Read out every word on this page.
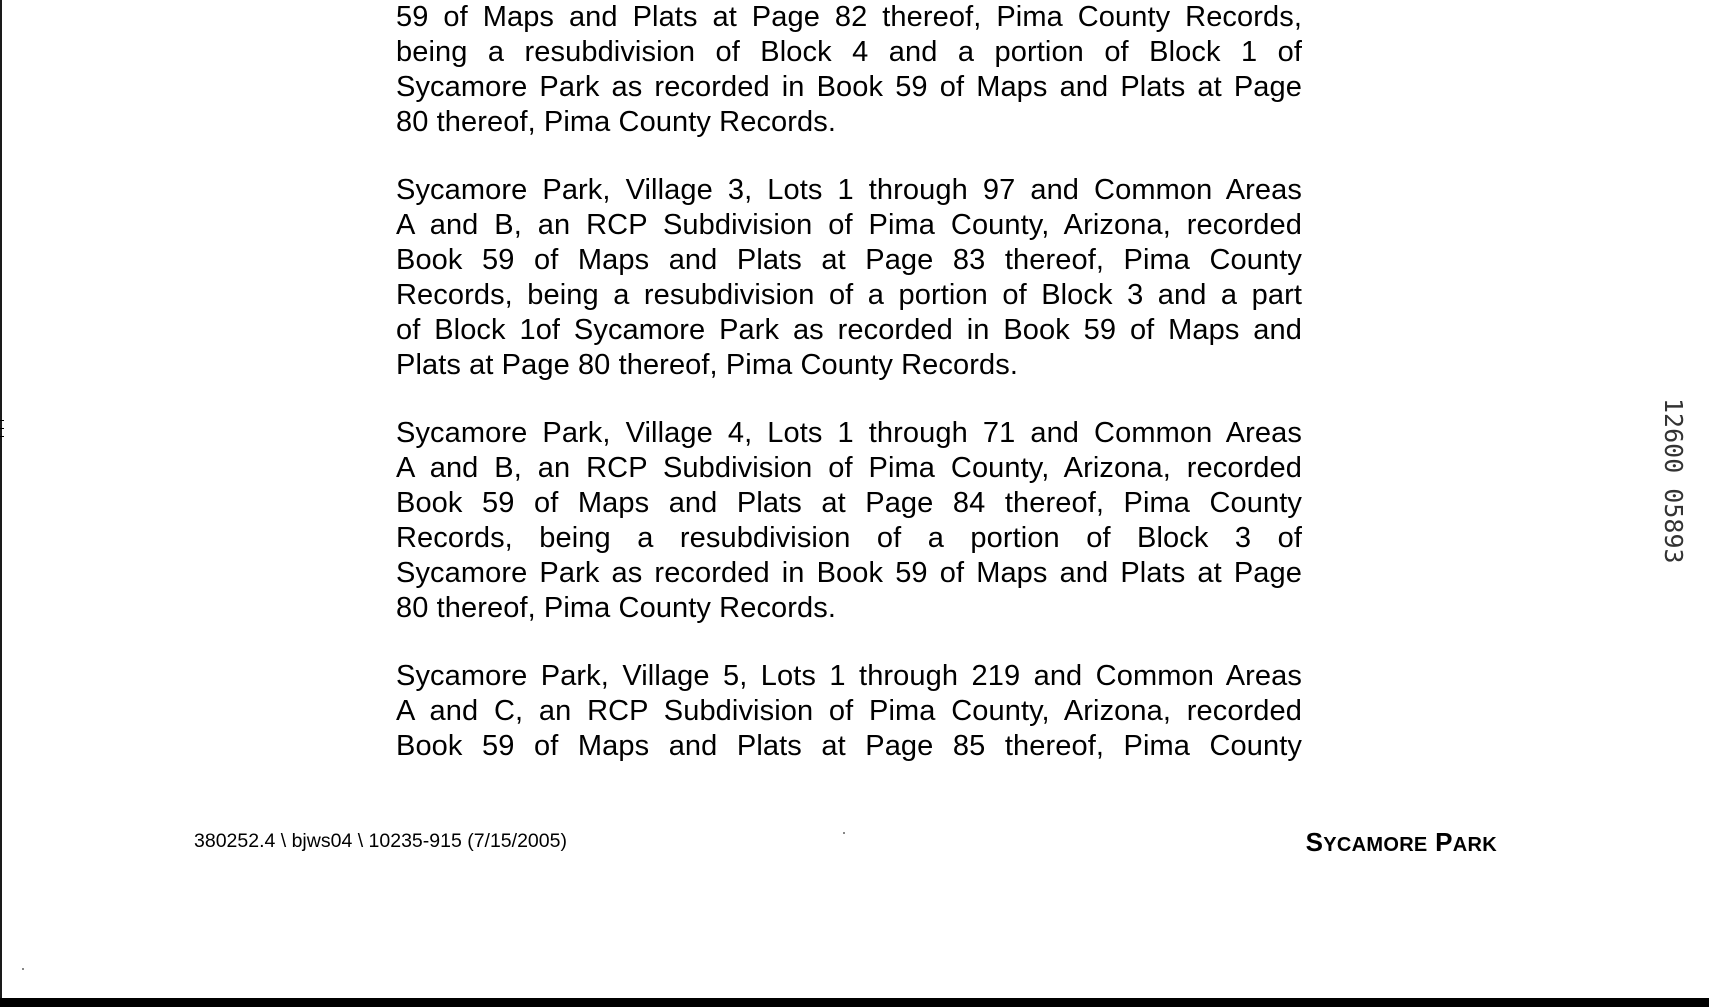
59 of Maps and Plats at Page 82 thereof, Pima County Records,
being a resubdivision of Block 4 and a portion of Block 1 of
Sycamore Park as recorded in Book 59 of Maps and Plats at Page
80 thereof, Pima County Records.

Sycamore Park, Village 3, Lots 1 through 97 and Common Areas
A and B, an RCP Subdivision of Pima County, Arizona, recorded
Book 59 of Maps and Plats at Page 83 thereof, Pima County
Records, being a resubdivision of a portion of Block 3 and a part
of Block 1of Sycamore Park as recorded in Book 59 of Maps and
Plats at Page 80 thereof, Pima County Records.

Sycamore Park, Village 4, Lots 1 through 71 and Common Areas
A and B, an RCP Subdivision of Pima County, Arizona, recorded
Book 59 of Maps and Plats at Page 84 thereof, Pima County
Records, being a resubdivision of a portion of Block 3 of
Sycamore Park as recorded in Book 59 of Maps and Plats at Page
80 thereof, Pima County Records.

Sycamore Park, Village 5, Lots 1 through 219 and Common Areas
A and C, an RCP Subdivision of Pima County, Arizona, recorded
Book 59 of Maps and Plats at Page 85 thereof, Pima County

380252.4 \ bjws04 \ 10235-915 (7/15/2005)	SYCAMORE PARK
12600 05893
